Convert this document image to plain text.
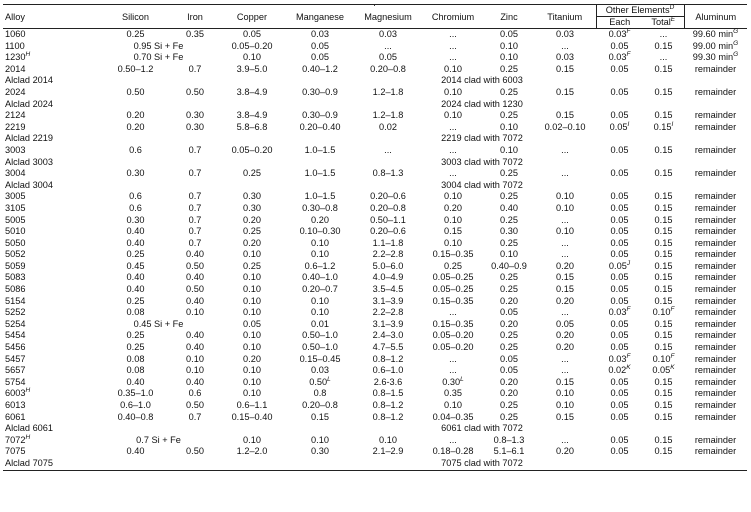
·
Alloy	Silicon	Iron	Copper	Manganese	Magnesium	Chromium	Zinc	Titanium	Other Elements$^D$		Aluminum
									Each	Total$^E$
1060	0.25	0.35	0.05	0.03	0.03	...	0.05	0.03	$0.03^F$	...	99.60 $\min^G$
1100	0.95 Si + Fe		0.05–0.20	0.05	...	...	0.10	...	0.05	0.15	99.00 $\min^G$
$1230^H$	0.70 Si + Fe		0.10	0.05	0.05	...	0.10	0.03	$0.03^F$	...	99.30 $\min^G$
2014	0.50–1.2	0.7	3.9–5.0	0.40–1.2	0.20–0.8	0.10	0.25	0.15	0.05	0.15	remainder
Alclad 2014	2014 clad with 6003										
2024	0.50	0.50	3.8–4.9	0.30–0.9	1.2–1.8	0.10	0.25	0.15	0.05	0.15	remainder
Alclad 2024	2024 clad with 1230										
2124	0.20	0.30	3.8–4.9	0.30–0.9	1.2–1.8	0.10	0.25	0.15	0.05	0.15	remainder
2219	0.20	0.30	5.8–6.8	0.20–0.40	0.02	...	0.10	0.02–0.10	$0.05^I$	$0.15^I$	remainder
Alclad 2219	2219 clad with 7072										
3003	0.6	0.7	0.05–0.20	1.0–1.5	...	...	0.10	...	0.05	0.15	remainder
Alclad 3003	3003 clad with 7072										
3004	0.30	0.7	0.25	1.0–1.5	0.8–1.3	...	0.25	...	0.05	0.15	remainder
Alclad 3004	3004 clad with 7072										
3005	0.6	0.7	0.30	1.0–1.5	0.20–0.6	0.10	0.25	0.10	0.05	0.15	remainder
3105	0.6	0.7	0.30	0.30–0.8	0.20–0.8	0.20	0.40	0.10	0.05	0.15	remainder
5005	0.30	0.7	0.20	0.20	0.50–1.1	0.10	0.25	...	0.05	0.15	remainder
5010	0.40	0.7	0.25	0.10–0.30	0.20–0.6	0.15	0.30	0.10	0.05	0.15	remainder
5050	0.40	0.7	0.20	0.10	1.1–1.8	0.10	0.25	...	0.05	0.15	remainder
5052	0.25	0.40	0.10	0.10	2.2–2.8	0.15–0.35	0.10	...	0.05	0.15	remainder
5059	0.45	0.50	0.25	0.6–1.2	5.0–6.0	0.25	0.40–0.9	0.20	$0.05^J$	0.15	remainder
5083	0.40	0.40	0.10	0.40–1.0	4.0–4.9	0.05–0.25	0.25	0.15	0.05	0.15	remainder
5086	0.40	0.50	0.10	0.20–0.7	3.5–4.5	0.05–0.25	0.25	0.15	0.05	0.15	remainder
5154	0.25	0.40	0.10	0.10	3.1–3.9	0.15–0.35	0.20	0.20	0.05	0.15	remainder
5252	0.08	0.10	0.10	0.10	2.2–2.8	...	0.05	...	$0.03^F$	$0.10^F$	remainder
5254	0.45 Si + Fe		0.05	0.01	3.1–3.9	0.15–0.35	0.20	0.05	0.05	0.15	remainder
5454	0.25	0.40	0.10	0.50–1.0	2.4–3.0	0.05–0.20	0.25	0.20	0.05	0.15	remainder
5456	0.25	0.40	0.10	0.50–1.0	4.7–5.5	0.05–0.20	0.25	0.20	0.05	0.15	remainder
5457	0.08	0.10	0.20	0.15–0.45	0.8–1.2	...	0.05	...	$0.03^F$	$0.10^F$	remainder
5657	0.08	0.10	0.10	0.03	0.6–1.0	...	0.05	...	$0.02^K$	$0.05^K$	remainder
5754	0.40	0.40	0.10	$0.50^L$	2.6-3.6	$0.30^L$	0.20	0.15	0.05	0.15	remainder
$6003^H$	0.35–1.0	0.6	0.10	0.8	0.8–1.5	0.35	0.20	0.10	0.05	0.15	remainder
6013	0.6–1.0	0.50	0.6–1.1	0.20–0.8	0.8–1.2	0.10	0.25	0.10	0.05	0.15	remainder
6061	0.40–0.8	0.7	0.15–0.40	0.15	0.8–1.2	0.04–0.35	0.25	0.15	0.05	0.15	remainder
Alclad 6061	6061 clad with 7072										
$7072^H$	0.7 Si + Fe		0.10	0.10	0.10	...	0.8–1.3	...	0.05	0.15	remainder
7075	0.40	0.50	1.2–2.0	0.30	2.1–2.9	0.18–0.28	5.1–6.1	0.20	0.05	0.15	remainder
Alclad 7075	7075 clad with 7072										
